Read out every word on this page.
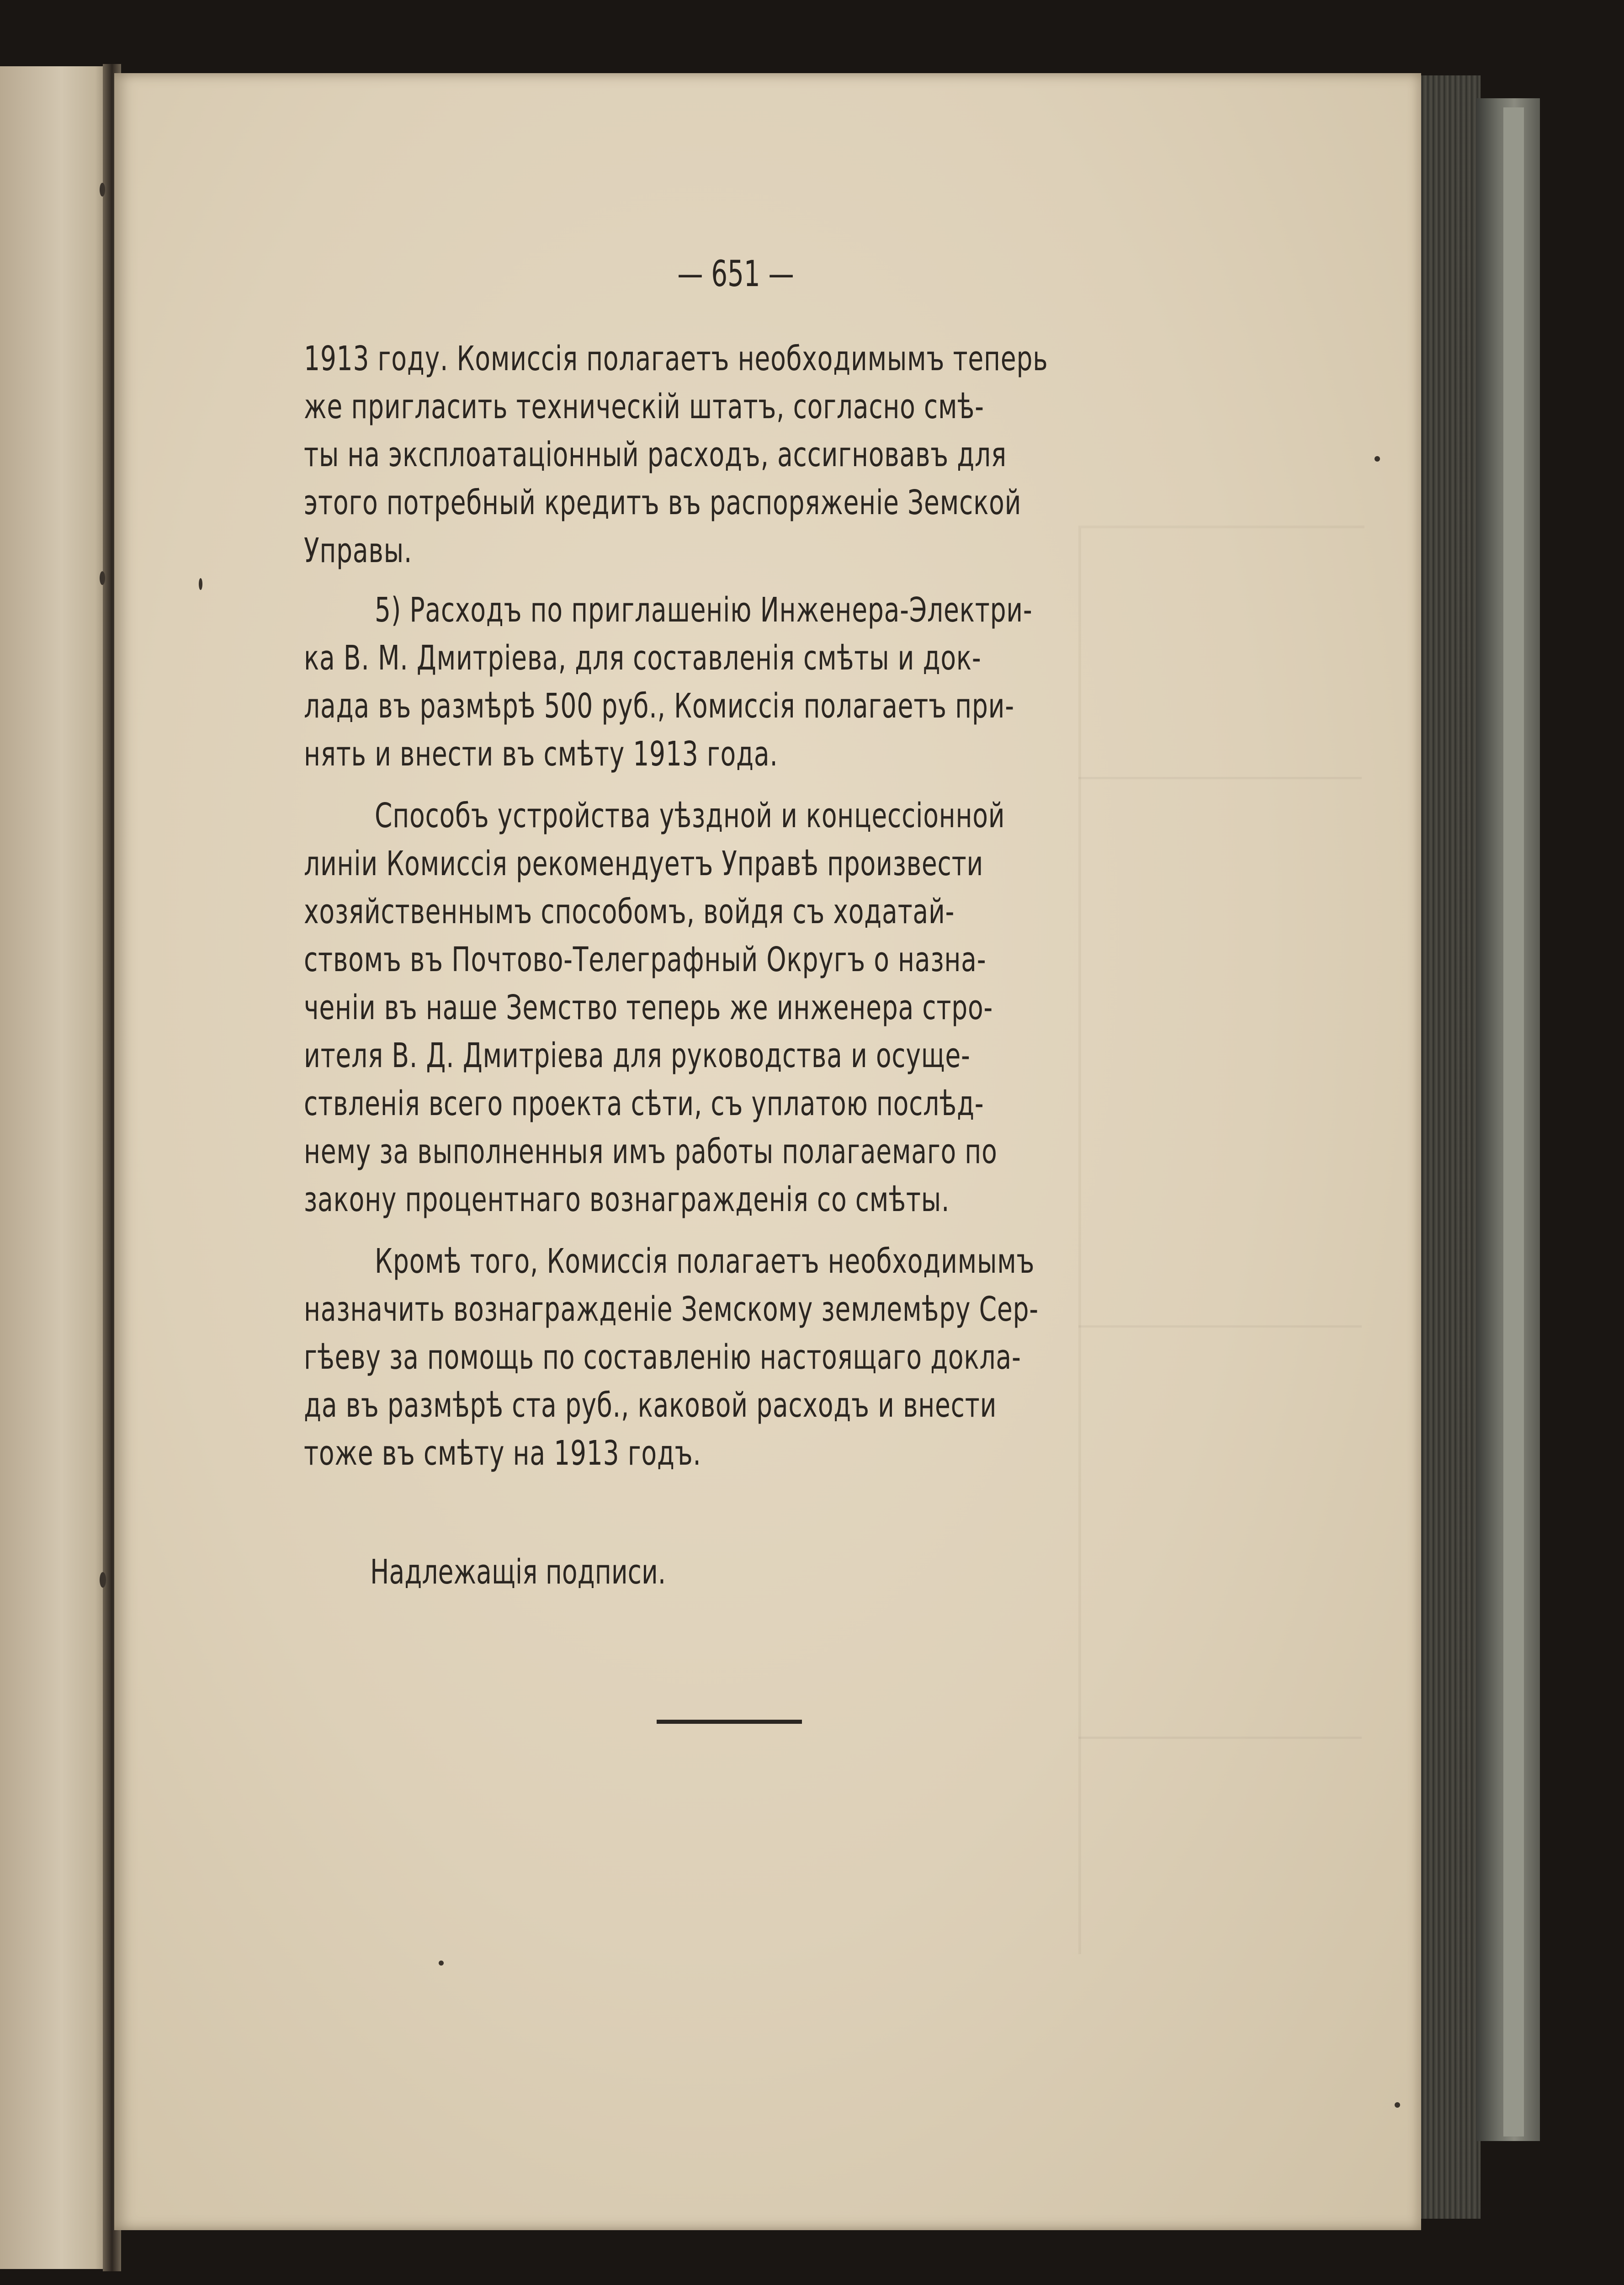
— 651 —
1913 году. Комиссія полагаетъ необходимымъ теперь
же пригласить техническій штатъ, согласно смѣ-
ты на эксплоатаціонный расходъ, ассигновавъ для
этого потребный кредитъ въ распоряженіе Земской
Управы.
5) Расходъ по приглашенію Инженера-Электри-
ка В. М. Дмитріева, для составленія смѣты и док-
лада въ размѣрѣ 500 руб., Комиссія полагаетъ при-
нять и внести въ смѣту 1913 года.
Способъ устройства уѣздной и концессіонной
линіи Комиссія рекомендуетъ Управѣ произвести
хозяйственнымъ способомъ, войдя съ ходатай-
ствомъ въ Почтово-Телеграфный Округъ о назна-
ченіи въ наше Земство теперь же инженера стро-
ителя В. Д. Дмитріева для руководства и осуще-
ствленія всего проекта сѣти, съ уплатою послѣд-
нему за выполненныя имъ работы полагаемаго по
закону процентнаго вознагражденія со смѣты.
Кромѣ того, Комиссія полагаетъ необходимымъ
назначить вознагражденіе Земскому землемѣру Сер-
гѣеву за помощь по составленію настоящаго докла-
да въ размѣрѣ ста руб., каковой расходъ и внести
тоже въ смѣту на 1913 годъ.
Надлежащія подписи.
